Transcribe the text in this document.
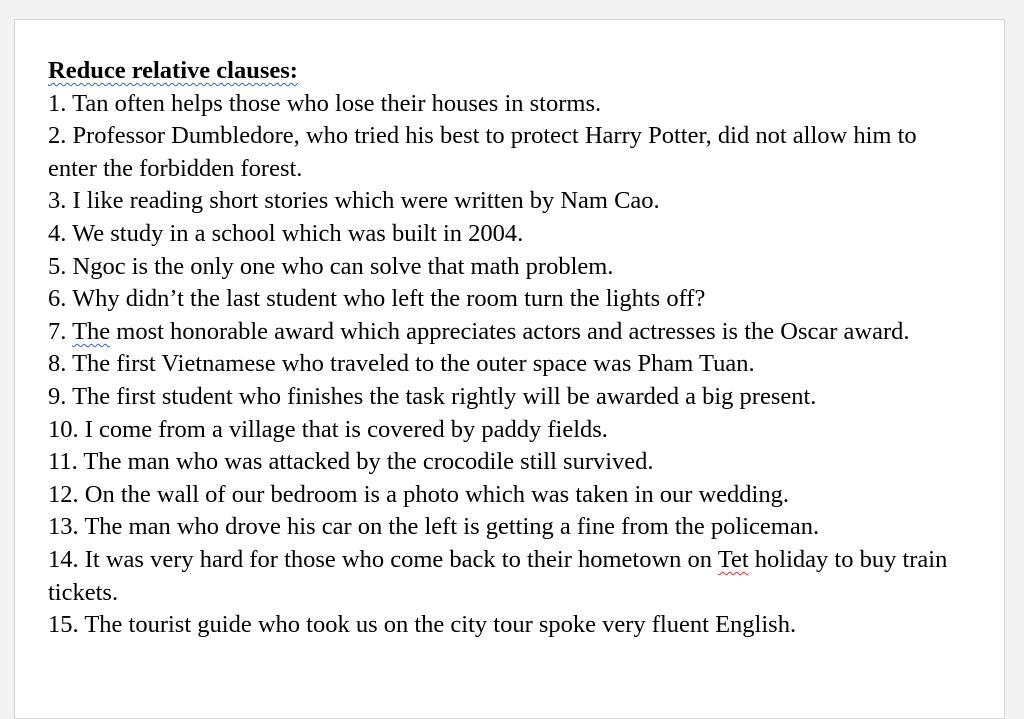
Reduce relative clauses:

1. Tan often helps those who lose their houses in storms.

2. Professor Dumbledore, who tried his best to protect Harry Potter, did not allow him to enter the forbidden forest.

3. I like reading short stories which were written by Nam Cao.

4. We study in a school which was built in 2004.

5. Ngoc is the only one who can solve that math problem.

6. Why didn’t the last student who left the room turn the lights off?

7. The most honorable award which appreciates actors and actresses is the Oscar award.

8. The first Vietnamese who traveled to the outer space was Pham Tuan.

9. The first student who finishes the task rightly will be awarded a big present.

10. I come from a village that is covered by paddy fields.

11. The man who was attacked by the crocodile still survived.

12. On the wall of our bedroom is a photo which was taken in our wedding.

13. The man who drove his car on the left is getting a fine from the policeman.

14. It was very hard for those who come back to their hometown on Tet holiday to buy train tickets.

15. The tourist guide who took us on the city tour spoke very fluent English.
